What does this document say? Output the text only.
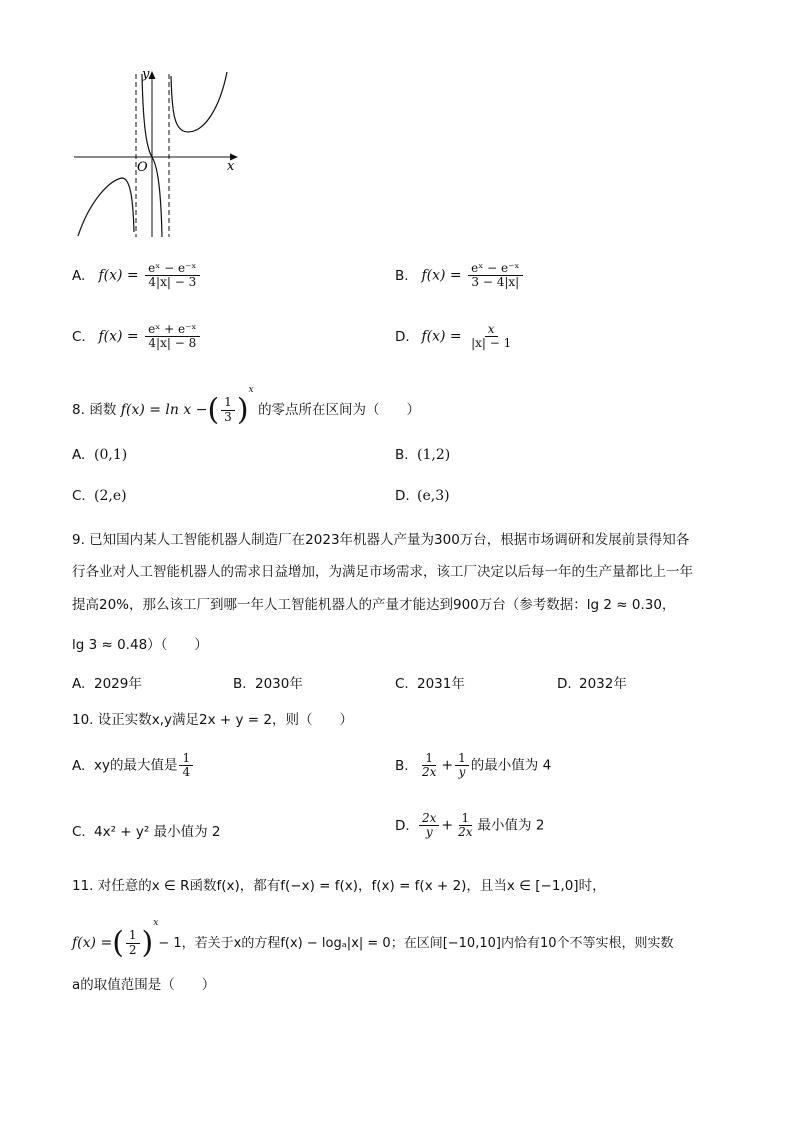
y
x
O
A. $f(x) = \frac{\text{eˣ − e⁻ˣ}}{4|x| - 3}$	B. $f(x) = \frac{\text{eˣ − e⁻ˣ}}{3 - 4|x|}$
C. $f(x) = \frac{\text{eˣ + e⁻ˣ}}{4|x| - 8}$	D. $f(x) = \frac{x}{|x| - 1}$
8. 函数 f(x) = ln x −( $\frac{1}{3} )^x$ 的零点所在区间为（　　）
A. (0,1)	B. (1,2)
C. (2,e)	D. (e,3)
9. 已知国内某人工智能机器人制造厂在2023年机器人产量为300万台，根据市场调研和发展前景得知各
行各业对人工智能机器人的需求日益增加，为满足市场需求，该工厂决定以后每一年的生产量都比上一年
提高20%，那么该工厂到哪一年人工智能机器人的产量才能达到900万台（参考数据：lg 2 ≈ 0.30，
lg 3 ≈ 0.48）（　　）
A. 2029年	B. 2030年	C. 2031年	D. 2032年
10. 设正实数x,y满足2x + y = 2，则（　　）
A. xy的最大值是 $\frac{1}{4}$	B. $\frac{1}{2x} + \frac{1}{y}$ 的最小值为 4
C. 4x² + y² 最小值为 2	D. $\frac{2x}{y} + \frac{1}{2x}$ 最小值为 2
11. 对任意的x ∈ R函数f(x)，都有f(−x) = f(x)，f(x) = f(x + 2)，且当x ∈ [−1,0]时，
f(x) =( $\frac{1}{2} )^x- 1$，若关于x的方程f(x) − logₐ|x| = 0；在区间[−10,10]内恰有10个不等实根，则实数
a的取值范围是（　　）
